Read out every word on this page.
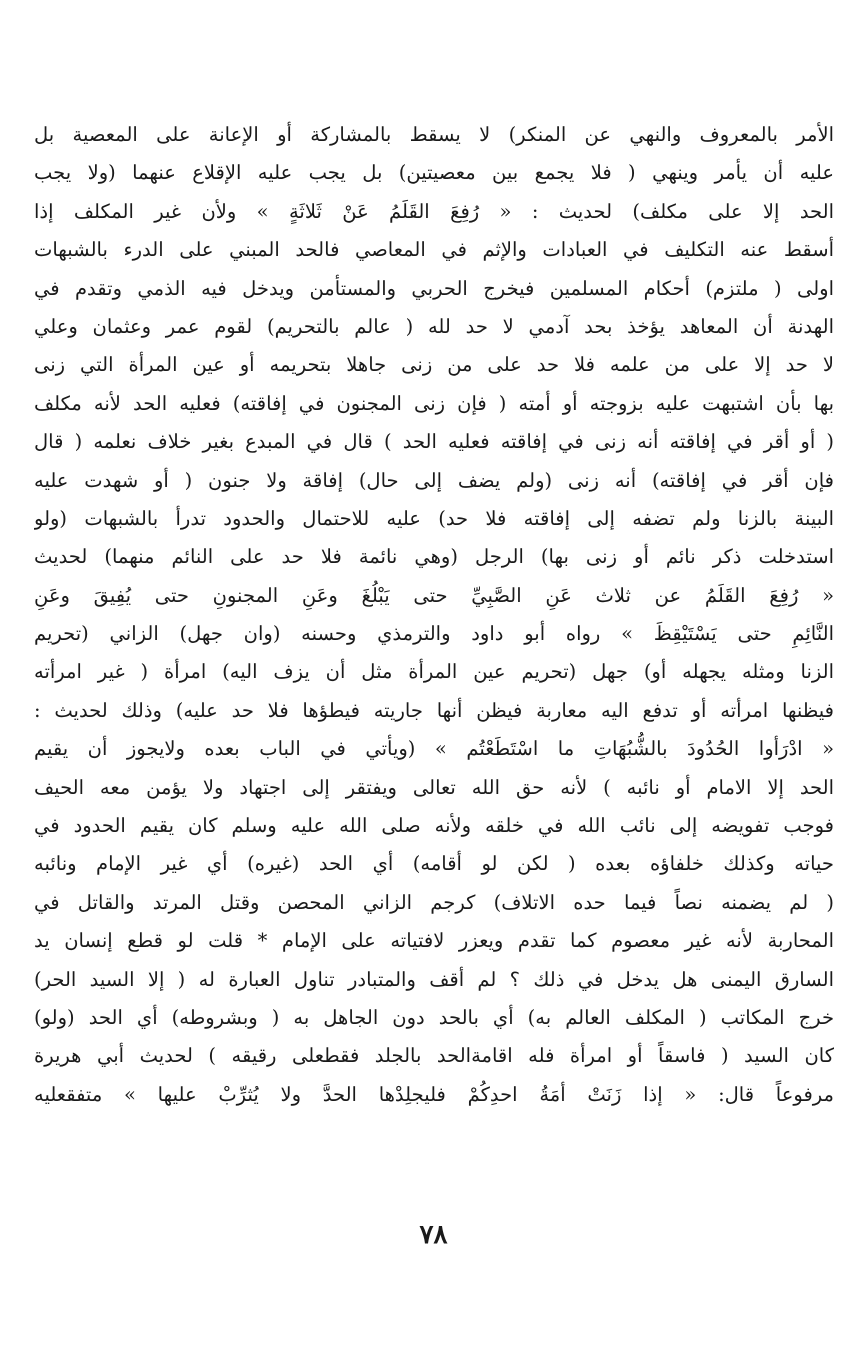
الأمر بالمعروف والنهي عن المنكر) لا يسقط بالمشاركة أو الإعانة على المعصية بل
عليه أن يأمر وينهي ( فلا يجمع بين معصيتين) بل يجب عليه الإقلاع عنهما (ولا يجب
الحد إلا على مكلف) لحديث : « رُفِعَ القَلَمُ عَنْ ثَلاثَةٍ » ولأن غير المكلف إذا
أسقط عنه التكليف في العبادات والإثم في المعاصي فالحد المبني على الدرء بالشبهات
اولى ( ملتزم) أحكام المسلمين فيخرج الحربي والمستأمن ويدخل فيه الذمي وتقدم في
الهدنة أن المعاهد يؤخذ بحد آدمي لا حد لله ( عالم بالتحريم) لقوم عمر وعثمان وعلي
لا حد إلا على من علمه فلا حد على من زنى جاهلا بتحريمه أو عين المرأة التي زنى
بها بأن اشتبهت عليه بزوجته أو أمته ( فإن زنى المجنون في إفاقته) فعليه الحد لأنه مكلف
( أو أقر في إفاقته أنه زنى في إفاقته فعليه الحد ) قال في المبدع بغير خلاف نعلمه ( قال
فإن أقر في إفاقته) أنه زنى (ولم يضف إلى حال) إفاقة ولا جنون ( أو شهدت عليه
البينة بالزنا ولم تضفه إلى إفاقته فلا حد) عليه للاحتمال والحدود تدرأ بالشبهات (ولو
استدخلت ذكر نائم أو زنى بها) الرجل (وهي نائمة فلا حد على النائم منهما) لحديث
« رُفِعَ القَلَمُ عن ثلاث عَنِ الصَّبِيِّ حتى يَبْلُغَ وعَنِ المجنونِ حتى يُفِيقَ وعَنِ
النَّائِمِ حتى يَسْتَيْقِظَ » رواه أبو داود والترمذي وحسنه (وان جهل) الزاني (تحريم
الزنا ومثله يجهله أو) جهل (تحريم عين المرأة مثل أن يزف اليه) امرأة ( غير امرأته
فيظنها امرأته أو تدفع اليه معاربة فيظن أنها جاريته فيطؤها فلا حد عليه) وذلك لحديث :
« ادْرَأوا الحُدُودَ بالشُّبُهَاتِ ما اسْتَطَعْتُم » (ويأتي في الباب بعده ولايجوز أن يقيم
الحد إلا الامام أو نائبه ) لأنه حق الله تعالى ويفتقر إلى اجتهاد ولا يؤمن معه الحيف
فوجب تفويضه إلى نائب الله في خلقه ولأنه صلى الله عليه وسلم كان يقيم الحدود في
حياته وكذلك خلفاؤه بعده ( لكن لو أقامه) أي الحد (غيره) أي غير الإمام ونائبه
( لم يضمنه نصاً فيما حده الاتلاف) كرجم الزاني المحصن وقتل المرتد والقاتل في
المحاربة لأنه غير معصوم كما تقدم ويعزر لافتياته على الإمام * قلت لو قطع إنسان يد
السارق اليمنى هل يدخل في ذلك ؟ لم أقف والمتبادر تناول العبارة له ( إلا السيد الحر)
خرج المكاتب ( المكلف العالم به) أي بالحد دون الجاهل به ( وبشروطه) أي الحد (ولو)
كان السيد ( فاسقاً أو امرأة فله اقامةالحد بالجلد فقطعلى رقيقه ) لحديث أبي هريرة
مرفوعاً قال: « إذا زَنَتْ أمَةُ احدِكُمْ فليجلِدْها الحدَّ ولا يُثرِّبْ عليها » متفقعليه
٧٨
